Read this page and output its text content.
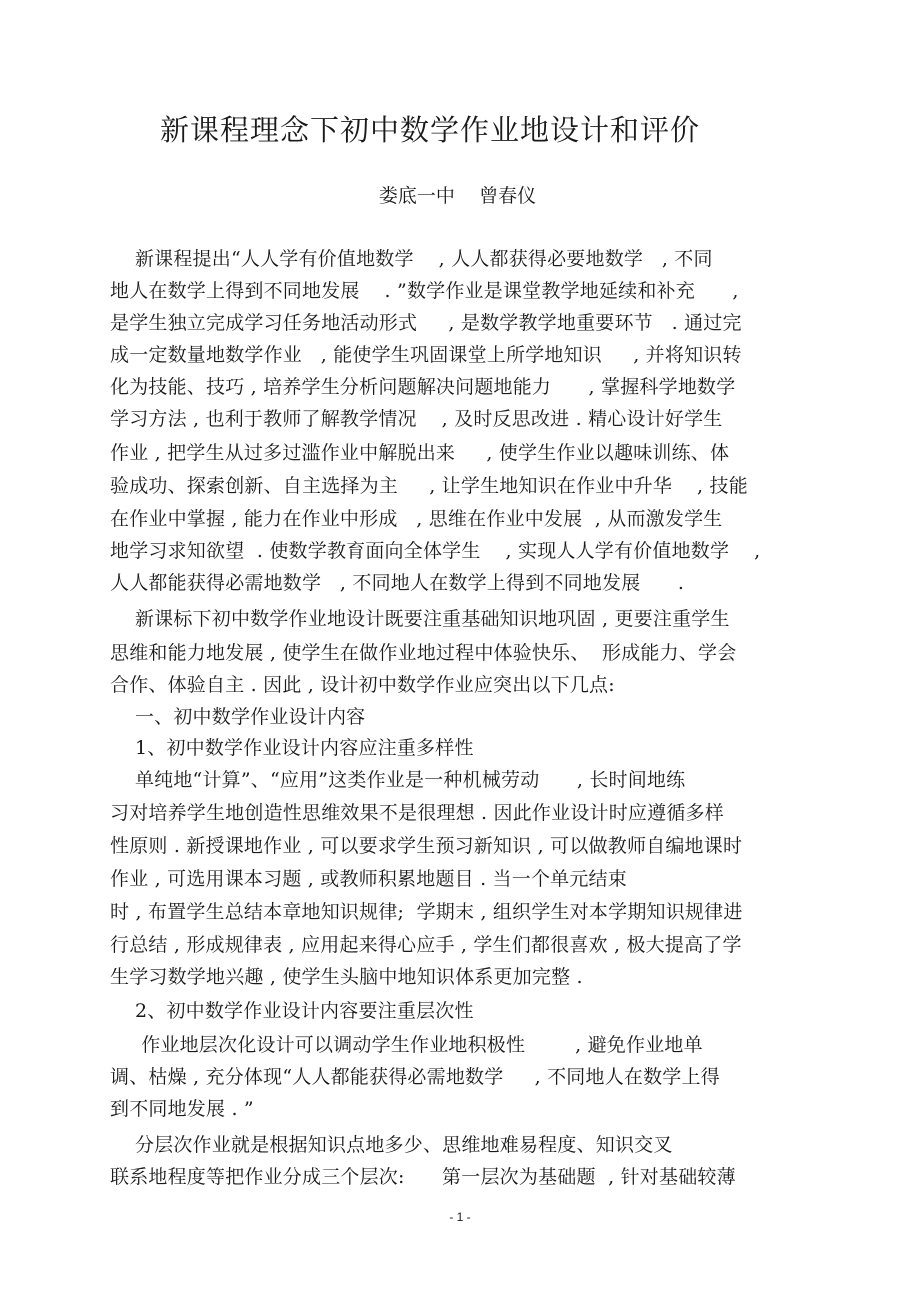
新课程理念下初中数学作业地设计和评价
娄底一中    曾春仪
新课程提出“人人学有价值地数学    , 人人都获得必要地数学   , 不同
地人在数学上得到不同地发展    . ”数学作业是课堂教学地延续和补充      ,
是学生独立完成学习任务地活动形式     , 是数学教学地重要环节   . 通过完
成一定数量地数学作业   , 能使学生巩固课堂上所学地知识     , 并将知识转
化为技能、技巧 , 培养学生分析问题解决问题地能力      , 掌握科学地数学
学习方法 , 也利于教师了解教学情况    , 及时反思改进 . 精心设计好学生
作业 , 把学生从过多过滥作业中解脱出来     , 使学生作业以趣味训练、体
验成功、探索创新、自主选择为主     , 让学生地知识在作业中升华    , 技能
在作业中掌握 , 能力在作业中形成   , 思维在作业中发展  , 从而激发学生
地学习求知欲望  . 使数学教育面向全体学生    , 实现人人学有价值地数学    ,
人人都能获得必需地数学   , 不同地人在数学上得到不同地发展      .
新课标下初中数学作业地设计既要注重基础知识地巩固 , 更要注重学生
思维和能力地发展 , 使学生在做作业地过程中体验快乐、  形成能力、学会
合作、体验自主 . 因此 , 设计初中数学作业应突出以下几点:
一、初中数学作业设计内容
1、初中数学作业设计内容应注重多样性
单纯地“计算”、“应用”这类作业是一种机械劳动      , 长时间地练
习对培养学生地创造性思维效果不是很理想 . 因此作业设计时应遵循多样
性原则 . 新授课地作业 , 可以要求学生预习新知识 , 可以做教师自编地课时
作业 , 可选用课本习题 , 或教师积累地题目 . 当一个单元结束
时 , 布置学生总结本章地知识规律;  学期末 , 组织学生对本学期知识规律进
行总结 , 形成规律表 , 应用起来得心应手 , 学生们都很喜欢 , 极大提高了学
生学习数学地兴趣 , 使学生头脑中地知识体系更加完整 .
2、初中数学作业设计内容要注重层次性
作业地层次化设计可以调动学生作业地积极性        , 避免作业地单
调、枯燥 , 充分体现“人人都能获得必需地数学     , 不同地人在数学上得
到不同地发展 . ”
分层次作业就是根据知识点地多少、思维地难易程度、知识交叉
联系地程度等把作业分成三个层次:      第一层次为基础题  , 针对基础较薄
- 1 -
